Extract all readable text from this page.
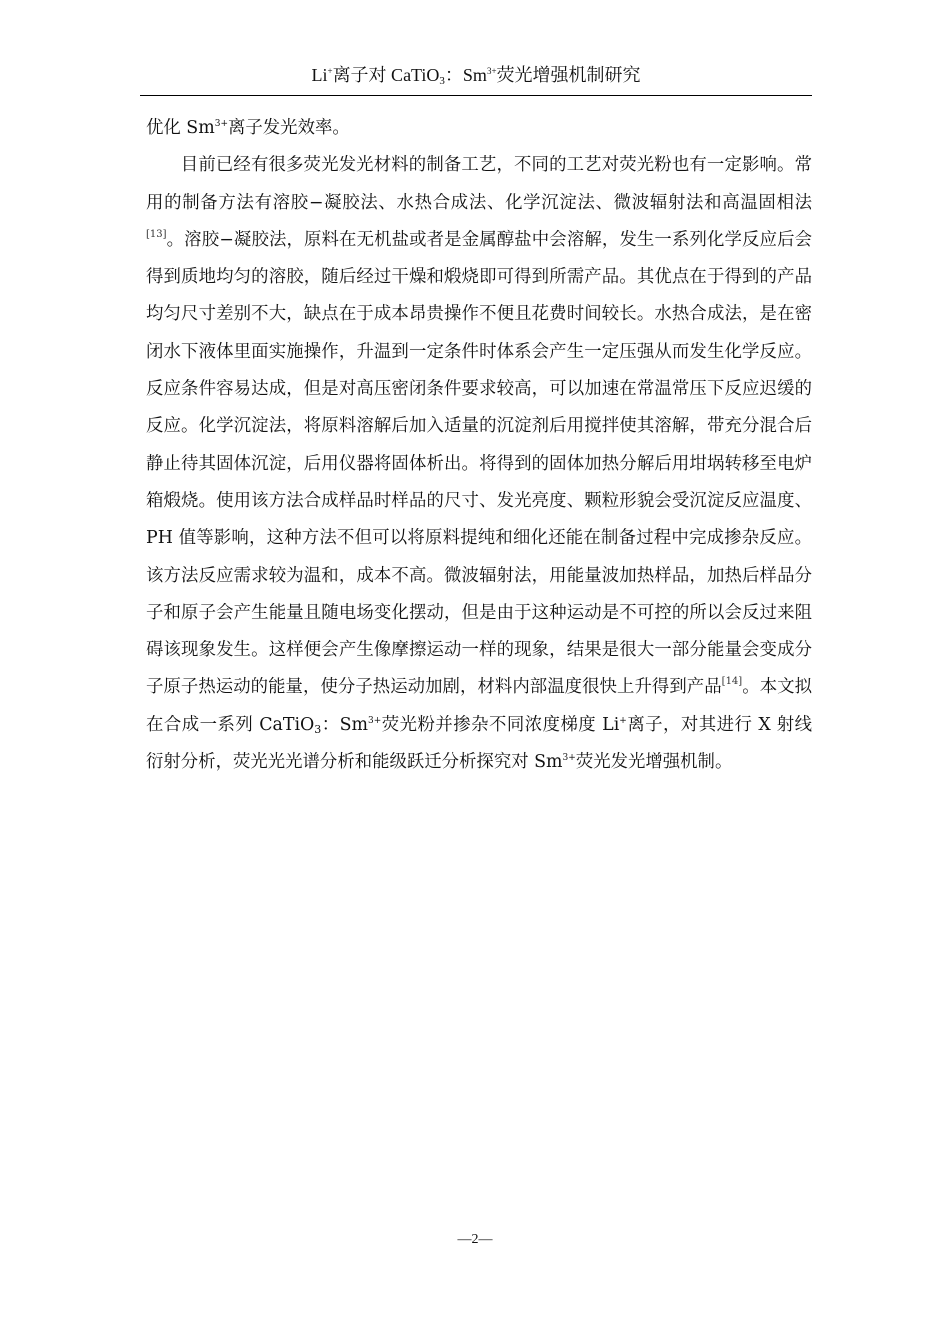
Li+离子对 CaTiO$_3$：$Sm^{3+}$荧光增强机制研究

优化 $Sm^{3+}$离子发光效率。

目前已经有很多荧光发光材料的制备工艺，不同的工艺对荧光粉也有一定影响。常用的制备方法有溶胶−凝胶法、水热合成法、化学沉淀法、微波辐射法和高温固相法[13]。溶胶−凝胶法，原料在无机盐或者是金属醇盐中会溶解，发生一系列化学反应后会得到质地均匀的溶胶，随后经过干燥和煅烧即可得到所需产品。其优点在于得到的产品均匀尺寸差别不大，缺点在于成本昂贵操作不便且花费时间较长。水热合成法，是在密闭水下液体里面实施操作，升温到一定条件时体系会产生一定压强从而发生化学反应。反应条件容易达成，但是对高压密闭条件要求较高，可以加速在常温常压下反应迟缓的反应。化学沉淀法，将原料溶解后加入适量的沉淀剂后用搅拌使其溶解，带充分混合后静止待其固体沉淀，后用仪器将固体析出。将得到的固体加热分解后用坩埚转移至电炉箱煅烧。使用该方法合成样品时样品的尺寸、发光亮度、颗粒形貌会受沉淀反应温度、PH 值等影响，这种方法不但可以将原料提纯和细化还能在制备过程中完成掺杂反应。该方法反应需求较为温和，成本不高。微波辐射法，用能量波加热样品，加热后样品分子和原子会产生能量且随电场变化摆动，但是由于这种运动是不可控的所以会反过来阻碍该现象发生。这样便会产生像摩擦运动一样的现象，结果是很大一部分能量会变成分子原子热运动的能量，使分子热运动加剧，材料内部温度很快上升得到产品[14]。本文拟在合成一系列 CaTiO$_3$：$Sm^{3+}$荧光粉并掺杂不同浓度梯度 Li+离子，对其进行 X 射线衍射分析，荧光光光谱分析和能级跃迁分析探究对 $Sm^{3+}$荧光发光增强机制。

—2—
